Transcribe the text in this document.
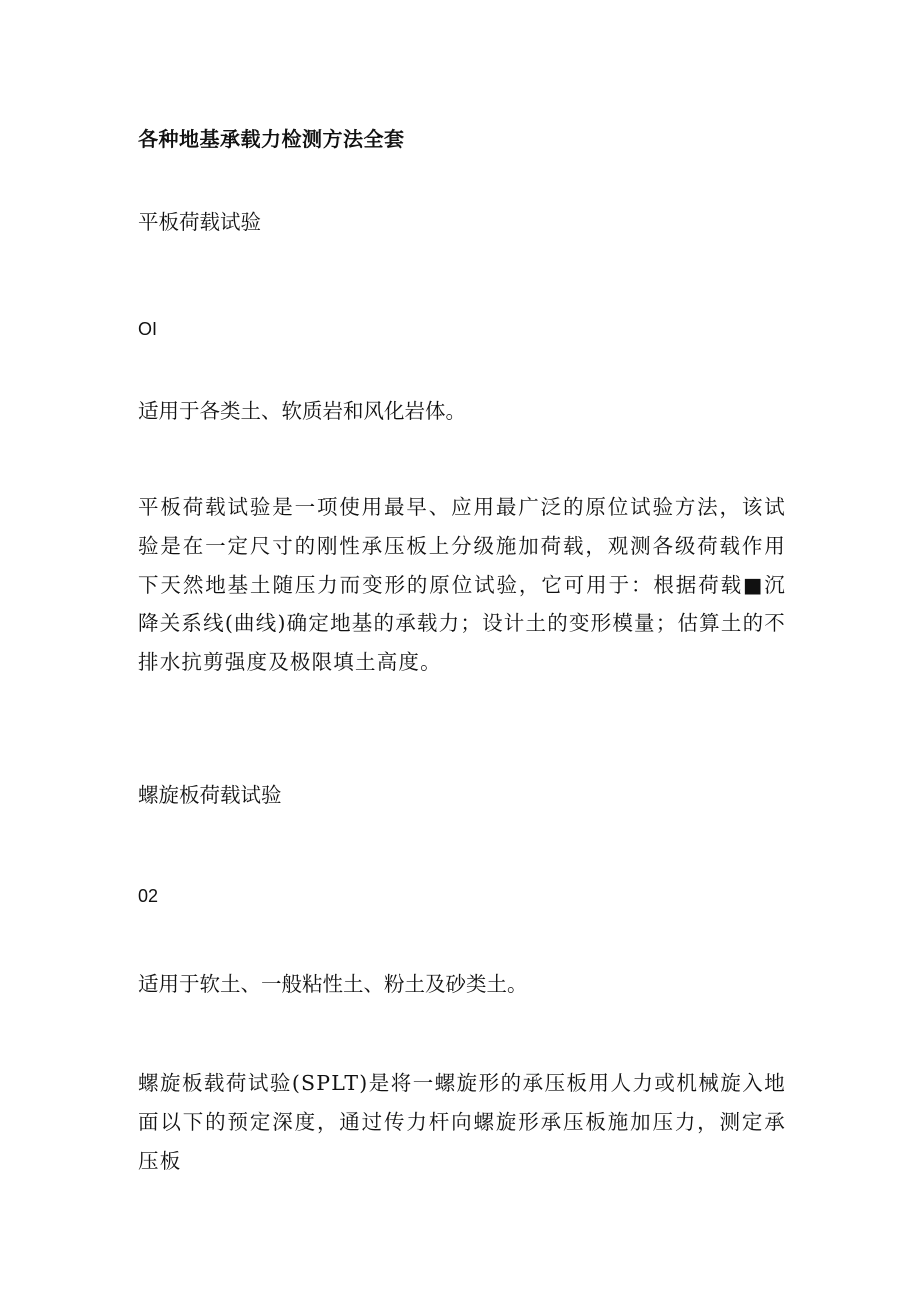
各种地基承载力检测方法全套
平板荷载试验
OI

适用于各类土、软质岩和风化岩体。

平板荷载试验是一项使用最早、应用最广泛的原位试验方法，该试验是在一定尺寸的刚性承压板上分级施加荷载，观测各级荷载作用下天然地基土随压力而变形的原位试验，它可用于：根据荷载■沉降关系线(曲线)确定地基的承载力；设计土的变形模量；估算土的不排水抗剪强度及极限填土高度。

螺旋板荷载试验
02

适用于软土、一般粘性土、粉土及砂类土。

螺旋板载荷试验(SPLT)是将一螺旋形的承压板用人力或机械旋入地面以下的预定深度，通过传力杆向螺旋形承压板施加压力，测定承压板
